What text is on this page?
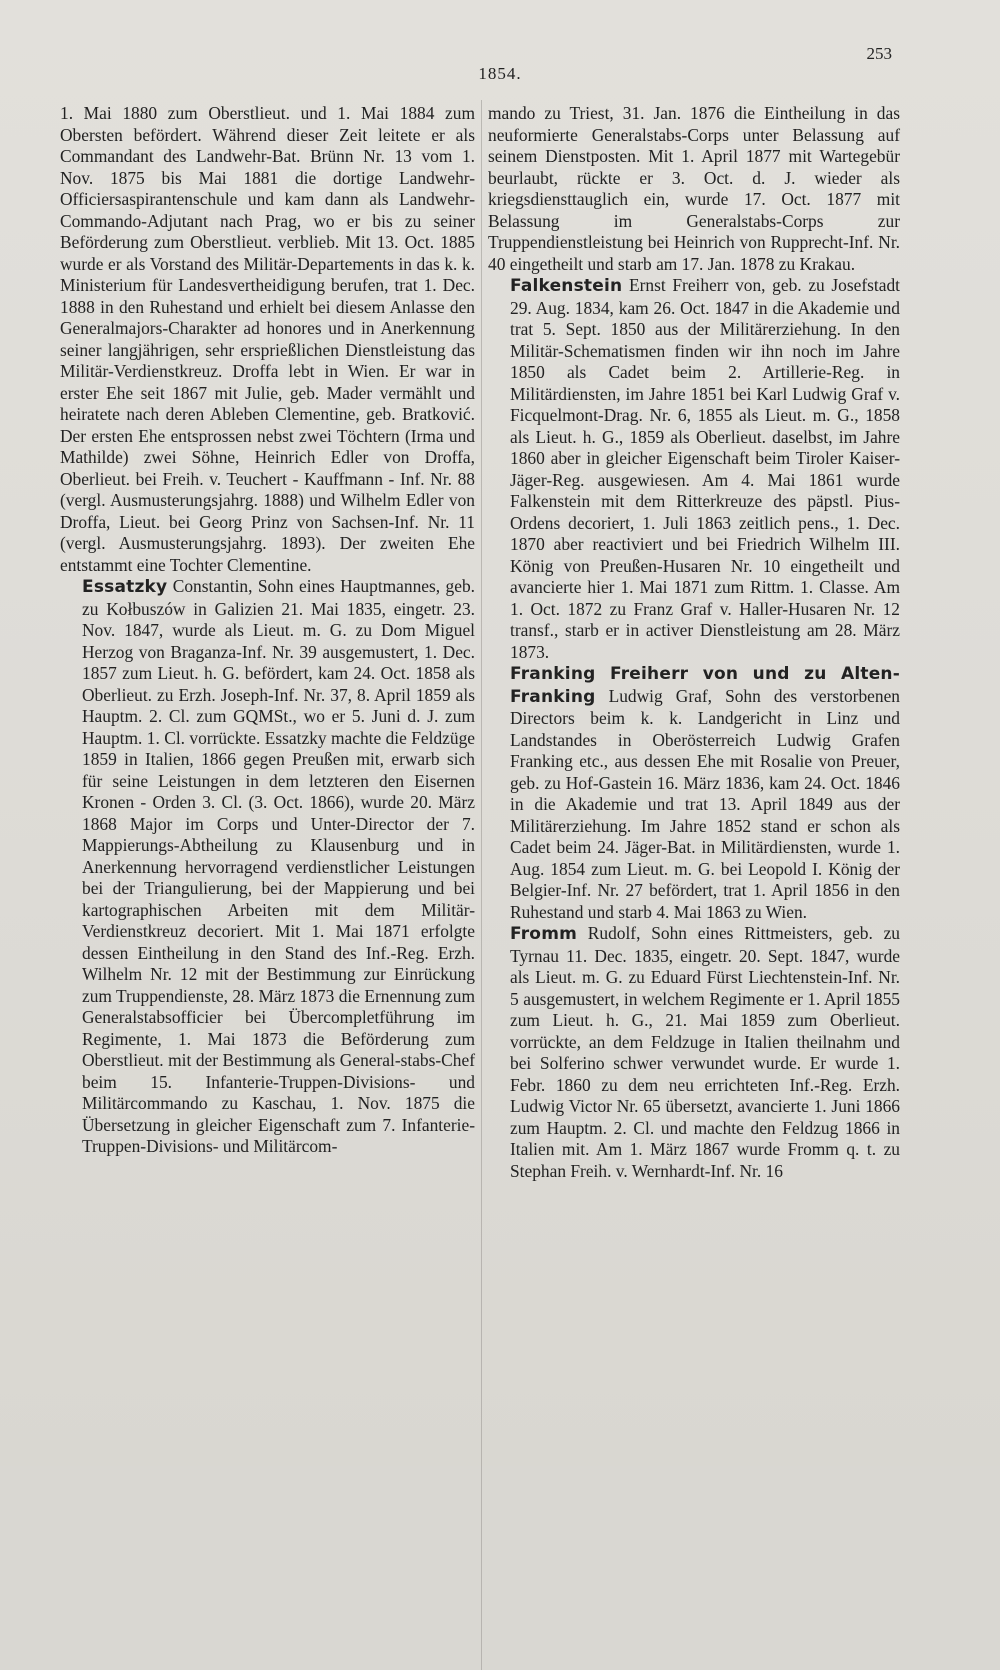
1854.
253

1. Mai 1880 zum Oberstlieut. und 1. Mai 1884 zum Obersten befördert. Während dieser Zeit leitete er als Commandant des Landwehr-Bat. Brünn Nr. 13 vom 1. Nov. 1875 bis Mai 1881 die dortige Landwehr-Officiersaspirantenschule und kam dann als Landwehr-Commando-Adjutant nach Prag, wo er bis zu seiner Beförderung zum Oberstlieut. verblieb. Mit 13. Oct. 1885 wurde er als Vorstand des Militär-Departements in das k. k. Ministerium für Landesvertheidigung berufen, trat 1. Dec. 1888 in den Ruhestand und erhielt bei diesem Anlasse den Generalmajors-Charakter ad honores und in Anerkennung seiner langjährigen, sehr ersprießlichen Dienstleistung das Militär-Verdienstkreuz. Droffa lebt in Wien. Er war in erster Ehe seit 1867 mit Julie, geb. Mader vermählt und heiratete nach deren Ableben Clementine, geb. Bratković. Der ersten Ehe entsprossen nebst zwei Töchtern (Irma und Mathilde) zwei Söhne, Heinrich Edler von Droffa, Oberlieut. bei Freih. v. Teuchert - Kauffmann - Inf. Nr. 88 (vergl. Ausmusterungsjahrg. 1888) und Wilhelm Edler von Droffa, Lieut. bei Georg Prinz von Sachsen-Inf. Nr. 11 (vergl. Ausmusterungsjahrg. 1893). Der zweiten Ehe entstammt eine Tochter Clementine.

Essatzky Constantin, Sohn eines Hauptmannes, geb. zu Kołbuszów in Galizien 21. Mai 1835, eingetr. 23. Nov. 1847, wurde als Lieut. m. G. zu Dom Miguel Herzog von Braganza-Inf. Nr. 39 ausgemustert, 1. Dec. 1857 zum Lieut. h. G. befördert, kam 24. Oct. 1858 als Oberlieut. zu Erzh. Joseph-Inf. Nr. 37, 8. April 1859 als Hauptm. 2. Cl. zum GQMSt., wo er 5. Juni d. J. zum Hauptm. 1. Cl. vorrückte. Essatzky machte die Feldzüge 1859 in Italien, 1866 gegen Preußen mit, erwarb sich für seine Leistungen in dem letzteren den Eisernen Kronen - Orden 3. Cl. (3. Oct. 1866), wurde 20. März 1868 Major im Corps und Unter-Director der 7. Mappierungs-Abtheilung zu Klausenburg und in Anerkennung hervorragend verdienstlicher Leistungen bei der Triangulierung, bei der Mappierung und bei kartographischen Arbeiten mit dem Militär-Verdienstkreuz decoriert. Mit 1. Mai 1871 erfolgte dessen Eintheilung in den Stand des Inf.-Reg. Erzh. Wilhelm Nr. 12 mit der Bestimmung zur Einrückung zum Truppendienste, 28. März 1873 die Ernennung zum Generalstabsofficier bei Übercompletführung im Regimente, 1. Mai 1873 die Beförderung zum Oberstlieut. mit der Bestimmung als General-stabs-Chef beim 15. Infanterie-Truppen-Divisions- und Militärcommando zu Kaschau, 1. Nov. 1875 die Übersetzung in gleicher Eigenschaft zum 7. Infanterie-Truppen-Divisions- und Militärcom-

mando zu Triest, 31. Jan. 1876 die Eintheilung in das neuformierte Generalstabs-Corps unter Belassung auf seinem Dienstposten. Mit 1. April 1877 mit Wartegebür beurlaubt, rückte er 3. Oct. d. J. wieder als kriegsdiensttauglich ein, wurde 17. Oct. 1877 mit Belassung im Generalstabs-Corps zur Truppendienstleistung bei Heinrich von Rupprecht-Inf. Nr. 40 eingetheilt und starb am 17. Jan. 1878 zu Krakau.

Falkenstein Ernst Freiherr von, geb. zu Josefstadt 29. Aug. 1834, kam 26. Oct. 1847 in die Akademie und trat 5. Sept. 1850 aus der Militärerziehung. In den Militär-Schematismen finden wir ihn noch im Jahre 1850 als Cadet beim 2. Artillerie-Reg. in Militärdiensten, im Jahre 1851 bei Karl Ludwig Graf v. Ficquelmont-Drag. Nr. 6, 1855 als Lieut. m. G., 1858 als Lieut. h. G., 1859 als Oberlieut. daselbst, im Jahre 1860 aber in gleicher Eigenschaft beim Tiroler Kaiser-Jäger-Reg. ausgewiesen. Am 4. Mai 1861 wurde Falkenstein mit dem Ritterkreuze des päpstl. Pius-Ordens decoriert, 1. Juli 1863 zeitlich pens., 1. Dec. 1870 aber reactiviert und bei Friedrich Wilhelm III. König von Preußen-Husaren Nr. 10 eingetheilt und avancierte hier 1. Mai 1871 zum Rittm. 1. Classe. Am 1. Oct. 1872 zu Franz Graf v. Haller-Husaren Nr. 12 transf., starb er in activer Dienstleistung am 28. März 1873.

Franking Freiherr von und zu Alten-Franking Ludwig Graf, Sohn des verstorbenen Directors beim k. k. Landgericht in Linz und Landstandes in Oberösterreich Ludwig Grafen Franking etc., aus dessen Ehe mit Rosalie von Preuer, geb. zu Hof-Gastein 16. März 1836, kam 24. Oct. 1846 in die Akademie und trat 13. April 1849 aus der Militärerziehung. Im Jahre 1852 stand er schon als Cadet beim 24. Jäger-Bat. in Militärdiensten, wurde 1. Aug. 1854 zum Lieut. m. G. bei Leopold I. König der Belgier-Inf. Nr. 27 befördert, trat 1. April 1856 in den Ruhestand und starb 4. Mai 1863 zu Wien.

Fromm Rudolf, Sohn eines Rittmeisters, geb. zu Tyrnau 11. Dec. 1835, eingetr. 20. Sept. 1847, wurde als Lieut. m. G. zu Eduard Fürst Liechtenstein-Inf. Nr. 5 ausgemustert, in welchem Regimente er 1. April 1855 zum Lieut. h. G., 21. Mai 1859 zum Oberlieut. vorrückte, an dem Feldzuge in Italien theilnahm und bei Solferino schwer verwundet wurde. Er wurde 1. Febr. 1860 zu dem neu errichteten Inf.-Reg. Erzh. Ludwig Victor Nr. 65 übersetzt, avancierte 1. Juni 1866 zum Hauptm. 2. Cl. und machte den Feldzug 1866 in Italien mit. Am 1. März 1867 wurde Fromm q. t. zu Stephan Freih. v. Wernhardt-Inf. Nr. 16
